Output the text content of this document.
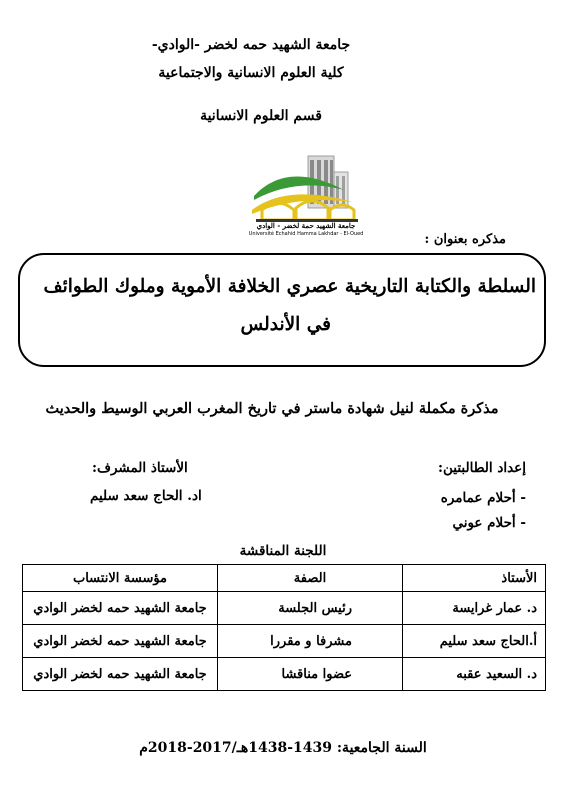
جامعة الشهيد حمه لخضر -الوادي-
كلية العلوم الانسانية والاجتماعية
قسم العلوم الانسانية
جامعة الشهيد حمة لخضر - الوادي
Université Echahid Hamma Lakhdar - El-Oued	مذكره بعنوان :
السلطة والكتابة التاريخية عصري الخلافة الأموية وملوك الطوائف
في الأندلس
مذكرة مكملة لنيل شهادة ماستر في تاريخ المغرب العربي الوسيط والحديث
إعداد الطالبتين:
- أحلام عمامره
- أحلام عوني
الأستاذ المشرف:
اد. الحاج سعد سليم
اللجنة المناقشة
الأستاذ	الصفة	مؤسسة الانتساب
د. عمار غرايسة	رئيس الجلسة	جامعة الشهيد حمه لخضر الوادي
أ.الحاج سعد سليم	مشرفا و مقررا	جامعة الشهيد حمه لخضر الوادي
د. السعيد عقبه	عضوا مناقشا	جامعة الشهيد حمه لخضر الوادي
السنة الجامعية: 1438-1439هـ/2017-2018م
